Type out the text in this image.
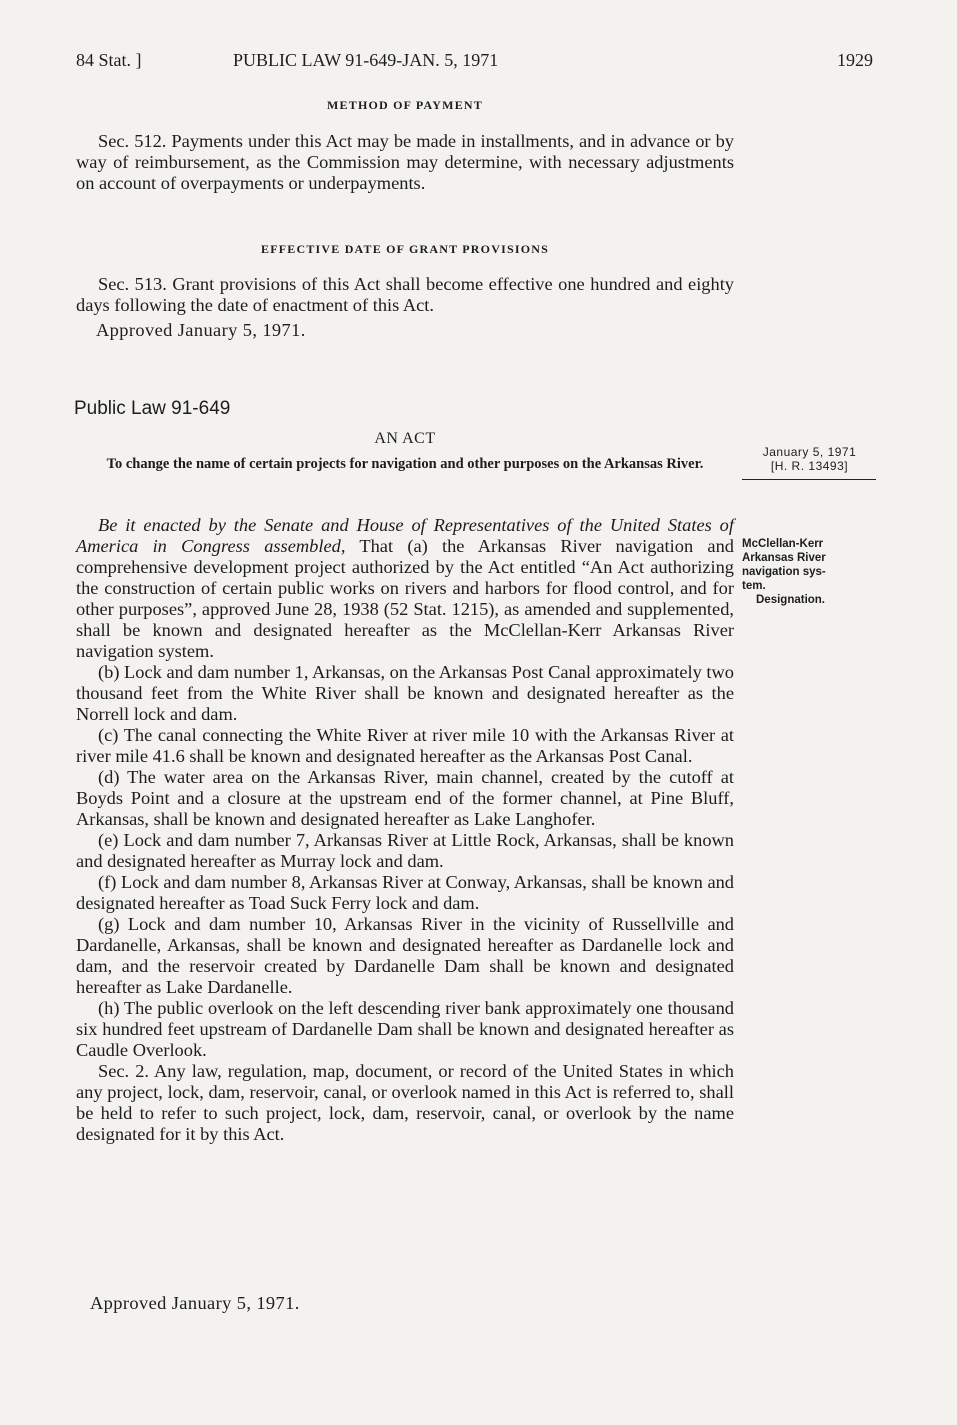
84 Stat. ]	PUBLIC LAW 91-649-JAN. 5, 1971	1929
METHOD OF PAYMENT

Sec. 512. Payments under this Act may be made in installments, and in advance or by way of reimbursement, as the Commission may determine, with necessary adjustments on account of overpayments or underpayments.

EFFECTIVE DATE OF GRANT PROVISIONS

Sec. 513. Grant provisions of this Act shall become effective one hundred and eighty days following the date of enactment of this Act.

Approved January 5, 1971.
Public Law 91-649
AN ACT
To change the name of certain projects for navigation and other purposes on the Arkansas River.
January 5, 1971
[H. R. 13493]
McClellan-Kerr
Arkansas River
navigation sys-
tem.
Designation.

Be it enacted by the Senate and House of Representatives of the United States of America in Congress assembled, That (a) the Arkansas River navigation and comprehensive development project authorized by the Act entitled “An Act authorizing the construction of certain public works on rivers and harbors for flood control, and for other purposes”, approved June 28, 1938 (52 Stat. 1215), as amended and supplemented, shall be known and designated hereafter as the McClellan-Kerr Arkansas River navigation system.

(b) Lock and dam number 1, Arkansas, on the Arkansas Post Canal approximately two thousand feet from the White River shall be known and designated hereafter as the Norrell lock and dam.

(c) The canal connecting the White River at river mile 10 with the Arkansas River at river mile 41.6 shall be known and designated hereafter as the Arkansas Post Canal.

(d) The water area on the Arkansas River, main channel, created by the cutoff at Boyds Point and a closure at the upstream end of the former channel, at Pine Bluff, Arkansas, shall be known and designated hereafter as Lake Langhofer.

(e) Lock and dam number 7, Arkansas River at Little Rock, Arkansas, shall be known and designated hereafter as Murray lock and dam.

(f) Lock and dam number 8, Arkansas River at Conway, Arkansas, shall be known and designated hereafter as Toad Suck Ferry lock and dam.

(g) Lock and dam number 10, Arkansas River in the vicinity of Russellville and Dardanelle, Arkansas, shall be known and designated hereafter as Dardanelle lock and dam, and the reservoir created by Dardanelle Dam shall be known and designated hereafter as Lake Dardanelle.

(h) The public overlook on the left descending river bank approximately one thousand six hundred feet upstream of Dardanelle Dam shall be known and designated hereafter as Caudle Overlook.

Sec. 2. Any law, regulation, map, document, or record of the United States in which any project, lock, dam, reservoir, canal, or overlook named in this Act is referred to, shall be held to refer to such project, lock, dam, reservoir, canal, or overlook by the name designated for it by this Act.

Approved January 5, 1971.
